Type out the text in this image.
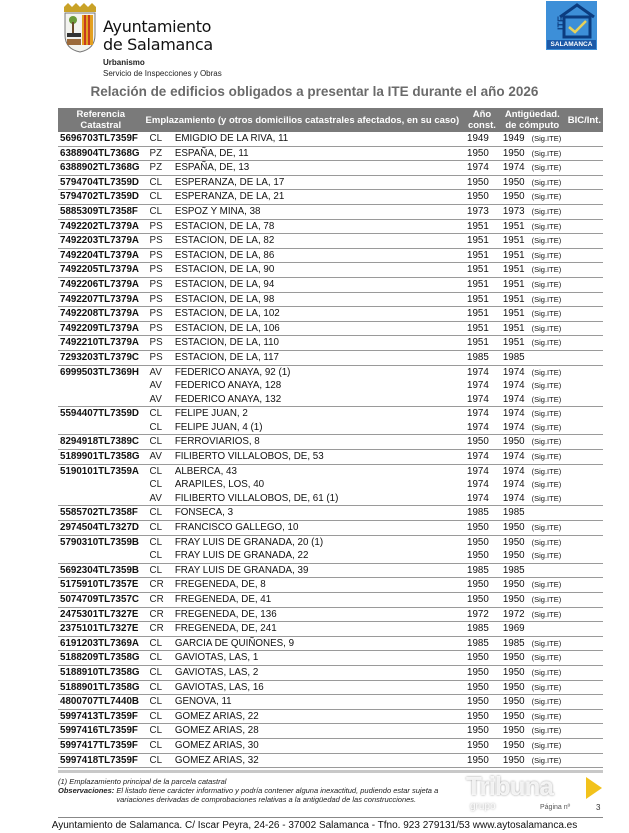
Ayuntamiento
de Salamanca
Urbanismo
Servicio de Inspecciones y Obras
ITE
SALAMANCA
Relación de edificios obligados a presentar la ITE durante el año 2026
Referencia
Catastral	Emplazamiento (y otros domicilios catastrales afectados, en su caso)		Año
const.	Antigüedad.
de cómputo		BIC/Int.
5696703TL7359F	CL	EMIGDIO DE LA RIVA, 11	1949	1949	(Sig.ITE)	
6388904TL7368G	PZ	ESPAÑA, DE, 11	1950	1950	(Sig.ITE)	
6388902TL7368G	PZ	ESPAÑA, DE, 13	1974	1974	(Sig.ITE)	
5794704TL7359D	CL	ESPERANZA, DE LA, 17	1950	1950	(Sig.ITE)	
5794702TL7359D	CL	ESPERANZA, DE LA, 21	1950	1950	(Sig.ITE)	
5885309TL7358F	CL	ESPOZ Y MINA, 38	1973	1973	(Sig.ITE)	
7492202TL7379A	PS	ESTACION, DE LA, 78	1951	1951	(Sig.ITE)	
7492203TL7379A	PS	ESTACION, DE LA, 82	1951	1951	(Sig.ITE)	
7492204TL7379A	PS	ESTACION, DE LA, 86	1951	1951	(Sig.ITE)	
7492205TL7379A	PS	ESTACION, DE LA, 90	1951	1951	(Sig.ITE)	
7492206TL7379A	PS	ESTACION, DE LA, 94	1951	1951	(Sig.ITE)	
7492207TL7379A	PS	ESTACION, DE LA, 98	1951	1951	(Sig.ITE)	
7492208TL7379A	PS	ESTACION, DE LA, 102	1951	1951	(Sig.ITE)	
7492209TL7379A	PS	ESTACION, DE LA, 106	1951	1951	(Sig.ITE)	
7492210TL7379A	PS	ESTACION, DE LA, 110	1951	1951	(Sig.ITE)	
7293203TL7379C	PS	ESTACION, DE LA, 117	1985	1985		
6999503TL7369H	AV	FEDERICO ANAYA, 92 (1)	1974	1974	(Sig.ITE)	
	AV	FEDERICO ANAYA, 128	1974	1974	(Sig.ITE)	
	AV	FEDERICO ANAYA, 132	1974	1974	(Sig.ITE)	
5594407TL7359D	CL	FELIPE JUAN, 2	1974	1974	(Sig.ITE)	
	CL	FELIPE JUAN, 4 (1)	1974	1974	(Sig.ITE)	
8294918TL7389C	CL	FERROVIARIOS, 8	1950	1950	(Sig.ITE)	
5189901TL7358G	AV	FILIBERTO VILLALOBOS, DE, 53	1974	1974	(Sig.ITE)	
5190101TL7359A	CL	ALBERCA, 43	1974	1974	(Sig.ITE)	
	CL	ARAPILES, LOS, 40	1974	1974	(Sig.ITE)	
	AV	FILIBERTO VILLALOBOS, DE, 61 (1)	1974	1974	(Sig.ITE)	
5585702TL7358F	CL	FONSECA, 3	1985	1985		
2974504TL7327D	CL	FRANCISCO GALLEGO, 10	1950	1950	(Sig.ITE)	
5790310TL7359B	CL	FRAY LUIS DE GRANADA, 20 (1)	1950	1950	(Sig.ITE)	
	CL	FRAY LUIS DE GRANADA, 22	1950	1950	(Sig.ITE)	
5692304TL7359B	CL	FRAY LUIS DE GRANADA, 39	1985	1985		
5175910TL7357E	CR	FREGENEDA, DE, 8	1950	1950	(Sig.ITE)	
5074709TL7357C	CR	FREGENEDA, DE, 41	1950	1950	(Sig.ITE)	
2475301TL7327E	CR	FREGENEDA, DE, 136	1972	1972	(Sig.ITE)	
2375101TL7327E	CR	FREGENEDA, DE, 241	1985	1969		
6191203TL7369A	CL	GARCIA DE QUIÑONES, 9	1985	1985	(Sig.ITE)	
5188209TL7358G	CL	GAVIOTAS, LAS, 1	1950	1950	(Sig.ITE)	
5188910TL7358G	CL	GAVIOTAS, LAS, 2	1950	1950	(Sig.ITE)	
5188901TL7358G	CL	GAVIOTAS, LAS, 16	1950	1950	(Sig.ITE)	
4800707TL7440B	CL	GENOVA, 11	1950	1950	(Sig.ITE)	
5997413TL7359F	CL	GOMEZ ARIAS, 22	1950	1950	(Sig.ITE)	
5997416TL7359F	CL	GOMEZ ARIAS, 28	1950	1950	(Sig.ITE)	
5997417TL7359F	CL	GOMEZ ARIAS, 30	1950	1950	(Sig.ITE)	
5997418TL7359F	CL	GOMEZ ARIAS, 32	1950	1950	(Sig.ITE)	
(1) Emplazamiento principal de la parcela catastral
Observaciones: El listado tiene carácter informativo y podría contener alguna inexactitud, pudiendo estar sujeta a variaciones derivadas de comprobaciones relativas a la antigüedad de las construcciones.	Tribuna
grupo	Página nº	3
Ayuntamiento de Salamanca. C/ Iscar Peyra, 24-26 - 37002 Salamanca - Tfno. 923 279131/53 www.aytosalamanca.es
